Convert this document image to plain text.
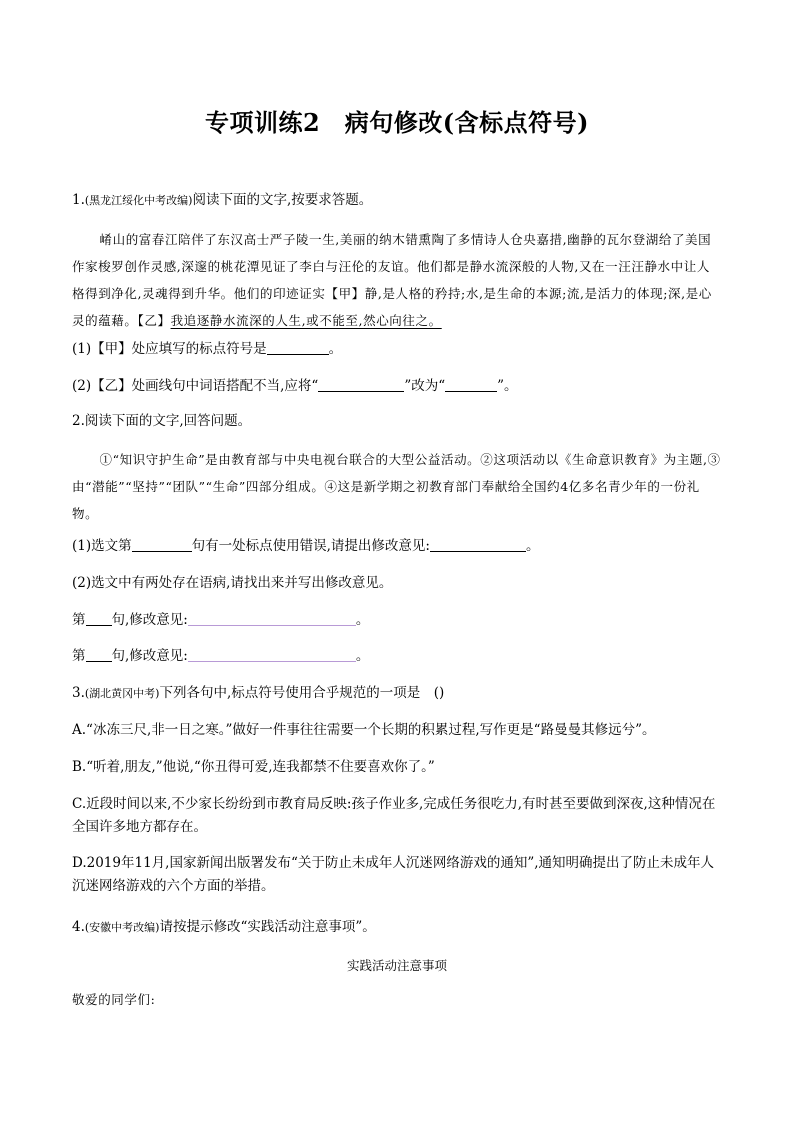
专项训练2　病句修改(含标点符号)
1.(黑龙江绥化中考改编)阅读下面的文字,按要求答题。
崤山的富春江陪伴了东汉高士严子陵一生,美丽的纳木错熏陶了多情诗人仓央嘉措,幽静的瓦尔登湖给了美国作家梭罗创作灵感,深邃的桃花潭见证了李白与汪伦的友谊。他们都是静水流深般的人物,又在一汪汪静水中让人格得到净化,灵魂得到升华。他们的印迹证实【甲】静,是人格的矜持;水,是生命的本源;流,是活力的体现;深,是心灵的蕴藉。【乙】我追逐静水流深的人生,或不能至,然心向往之。
(1)【甲】处应填写的标点符号是	。
(2)【乙】处画线句中词语搭配不当,应将“	”改为“	”。
2.阅读下面的文字,回答问题。
①“知识守护生命”是由教育部与中央电视台联合的大型公益活动。②这项活动以《生命意识教育》为主题,③由“潜能”“坚持”“团队”“生命”四部分组成。④这是新学期之初教育部门奉献给全国约4亿多名青少年的一份礼物。
(1)选文第	句有一处标点使用错误,请提出修改意见:	。
(2)选文中有两处存在语病,请找出来并写出修改意见。
第 句,修改意见:	。
第 句,修改意见:	。
3.(湖北黄冈中考)下列各句中,标点符号使用合乎规范的一项是　()
A.“冰冻三尺,非一日之寒。”做好一件事往往需要一个长期的积累过程,写作更是“路曼曼其修远兮”。
B.“听着,朋友,”他说,“你丑得可爱,连我都禁不住要喜欢你了。”
C.近段时间以来,不少家长纷纷到市教育局反映:孩子作业多,完成任务很吃力,有时甚至要做到深夜,这种情况在全国许多地方都存在。
D.2019年11月,国家新闻出版署发布“关于防止未成年人沉迷网络游戏的通知”,通知明确提出了防止未成年人沉迷网络游戏的六个方面的举措。
4.(安徽中考改编)请按提示修改“实践活动注意事项”。
实践活动注意事项
敬爱的同学们:
